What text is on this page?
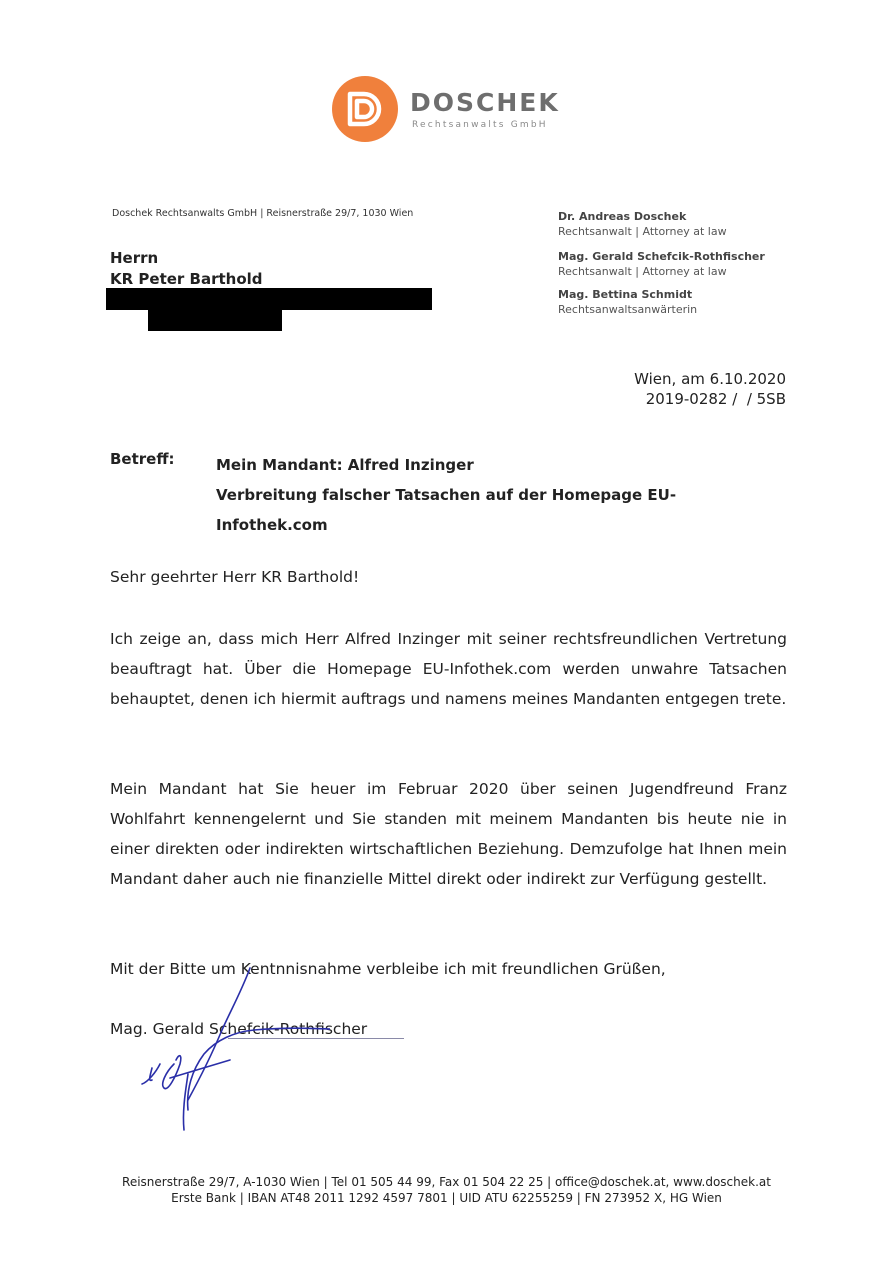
DOSCHEK
Rechtsanwalts GmbH
Doschek Rechtsanwalts GmbH | Reisnerstraße 29/7, 1030 Wien	Dr. Andreas Doschek
Rechtsanwalt | Attorney at law
Mag. Gerald Schefcik-Rothfischer
Rechtsanwalt | Attorney at law
Mag. Bettina Schmidt
Rechtsanwaltsanwärterin
Herrn
KR Peter Barthold
Wien, am 6.10.2020
2019-0282 /  / 5SB
Betreff:	Mein Mandant: Alfred Inzinger
Verbreitung falscher Tatsachen auf der Homepage EU-Infothek.com
Sehr geehrter Herr KR Barthold!
Ich zeige an, dass mich Herr Alfred Inzinger mit seiner rechtsfreundlichen Vertretung beauftragt hat. Über die Homepage EU-Infothek.com werden unwahre Tatsachen behauptet, denen ich hiermit auftrags und namens meines Mandanten entgegen trete.
Mein Mandant hat Sie heuer im Februar 2020 über seinen Jugendfreund Franz Wohlfahrt kennengelernt und Sie standen mit meinem Mandanten bis heute nie in einer direkten oder indirekten wirtschaftlichen Beziehung. Demzufolge hat Ihnen mein Mandant daher auch nie finanzielle Mittel direkt oder indirekt zur Verfügung gestellt.
Mit der Bitte um Kentnnisnahme verbleibe ich mit freundlichen Grüßen,
Mag. Gerald Schefcik-Rothfischer
Reisnerstraße 29/7, A-1030 Wien | Tel 01 505 44 99, Fax 01 504 22 25 | office@doschek.at, www.doschek.at
Erste Bank | IBAN AT48 2011 1292 4597 7801 | UID ATU 62255259 | FN 273952 X, HG Wien
